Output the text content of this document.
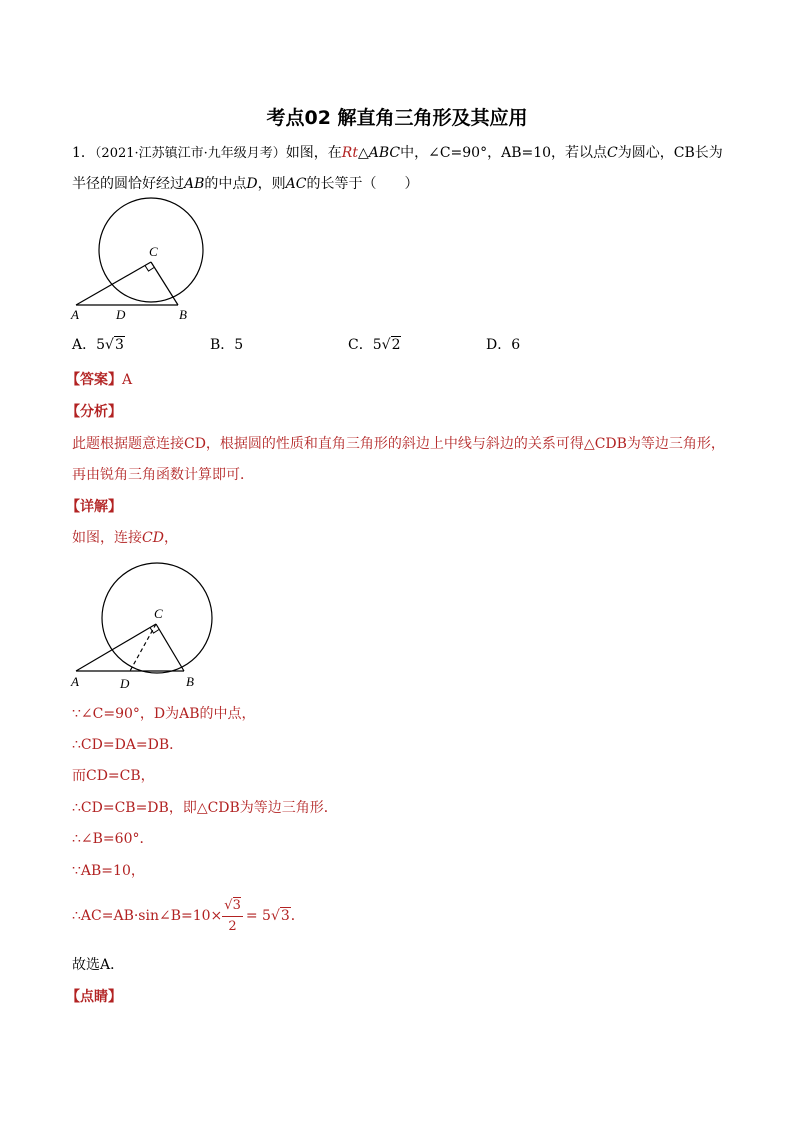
考点02 解直角三角形及其应用
1．（2021·江苏镇江市·九年级月考）如图，在Rt△ABC中，∠C=90°，AB=10，若以点C为圆心，CB长为
半径的圆恰好经过AB的中点D，则AC的长等于（　　）
C
A	D	B
A．5√3	B．5	C．5√2	D．6
【答案】A
【分析】
此题根据题意连接CD，根据圆的性质和直角三角形的斜边上中线与斜边的关系可得△CDB为等边三角形，
再由锐角三角函数计算即可．
【详解】
如图，连接CD，
C
A	D	B
∵∠C=90°，D为AB的中点，
∴CD=DA=DB．
而CD=CB，
∴CD=CB=DB，即△CDB为等边三角形．
∴∠B=60°．
∵AB=10，
∴AC=AB·sin∠B=10× $\frac{√3}{2} = 5$ √3 ．
故选A．
【点睛】
